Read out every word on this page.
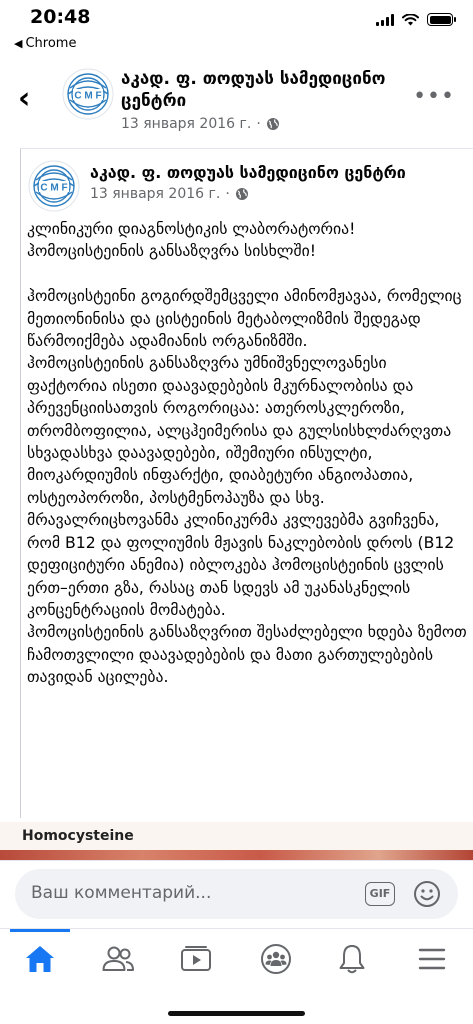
20:48
◀ Chrome
‹	C M F
აკად. ფ. თოდუას სამედიცინო ცენტრი
13 января 2016 г. ·
•••
C M F
აკად. ფ. თოდუას სამედიცინო ცენტრი
13 января 2016 г. ·
კლინიკური დიაგნოსტიკის ლაბორატორია!
ჰომოცისტეინის განსაზღვრა სისხლში!

ჰომოცისტეინი გოგირდშემცველი ამინომჟავაა, რომელიც მეთიონინისა და ცისტეინის მეტაბოლიზმის შედეგად წარმოიქმება ადამიანის ორგანიზმში.
ჰომოცისტეინის განსაზღვრა უმნიშვნელოვანესი ფაქტორია ისეთი დაავადებების მკურნალობისა და პრევენციისათვის როგორიცაა: ათეროსკლეროზი, თრომბოფილია, ალცჰეიმერისა და გულსისხლძარღვთა სხვადასხვა დაავადებები, იშემიური ინსულტი, მიოკარდიუმის ინფარქტი, დიაბეტური ანგიოპათია, ოსტეოპოროზი, პოსტმენოპაუზა და სხვ.
მრავალრიცხოვანმა კლინიკურმა კვლევებმა გვიჩვენა, რომ B12 და ფოლიუმის მჟავის ნაკლებობის დროს (B12 დეფიციტური ანემია) იბლოკება ჰომოცისტეინის ცვლის ერთ–ერთი გზა, რასაც თან სდევს ამ უკანასკნელის კონცენტრაციის მომატება.
ჰომოცისტეინის განსაზღვრით შესაძლებელი ხდება ზემოთ ჩამოთვლილი დაავადებების და მათი გართულებების თავიდან აცილება.
Homocysteine
Ваш комментарий...	GIF
